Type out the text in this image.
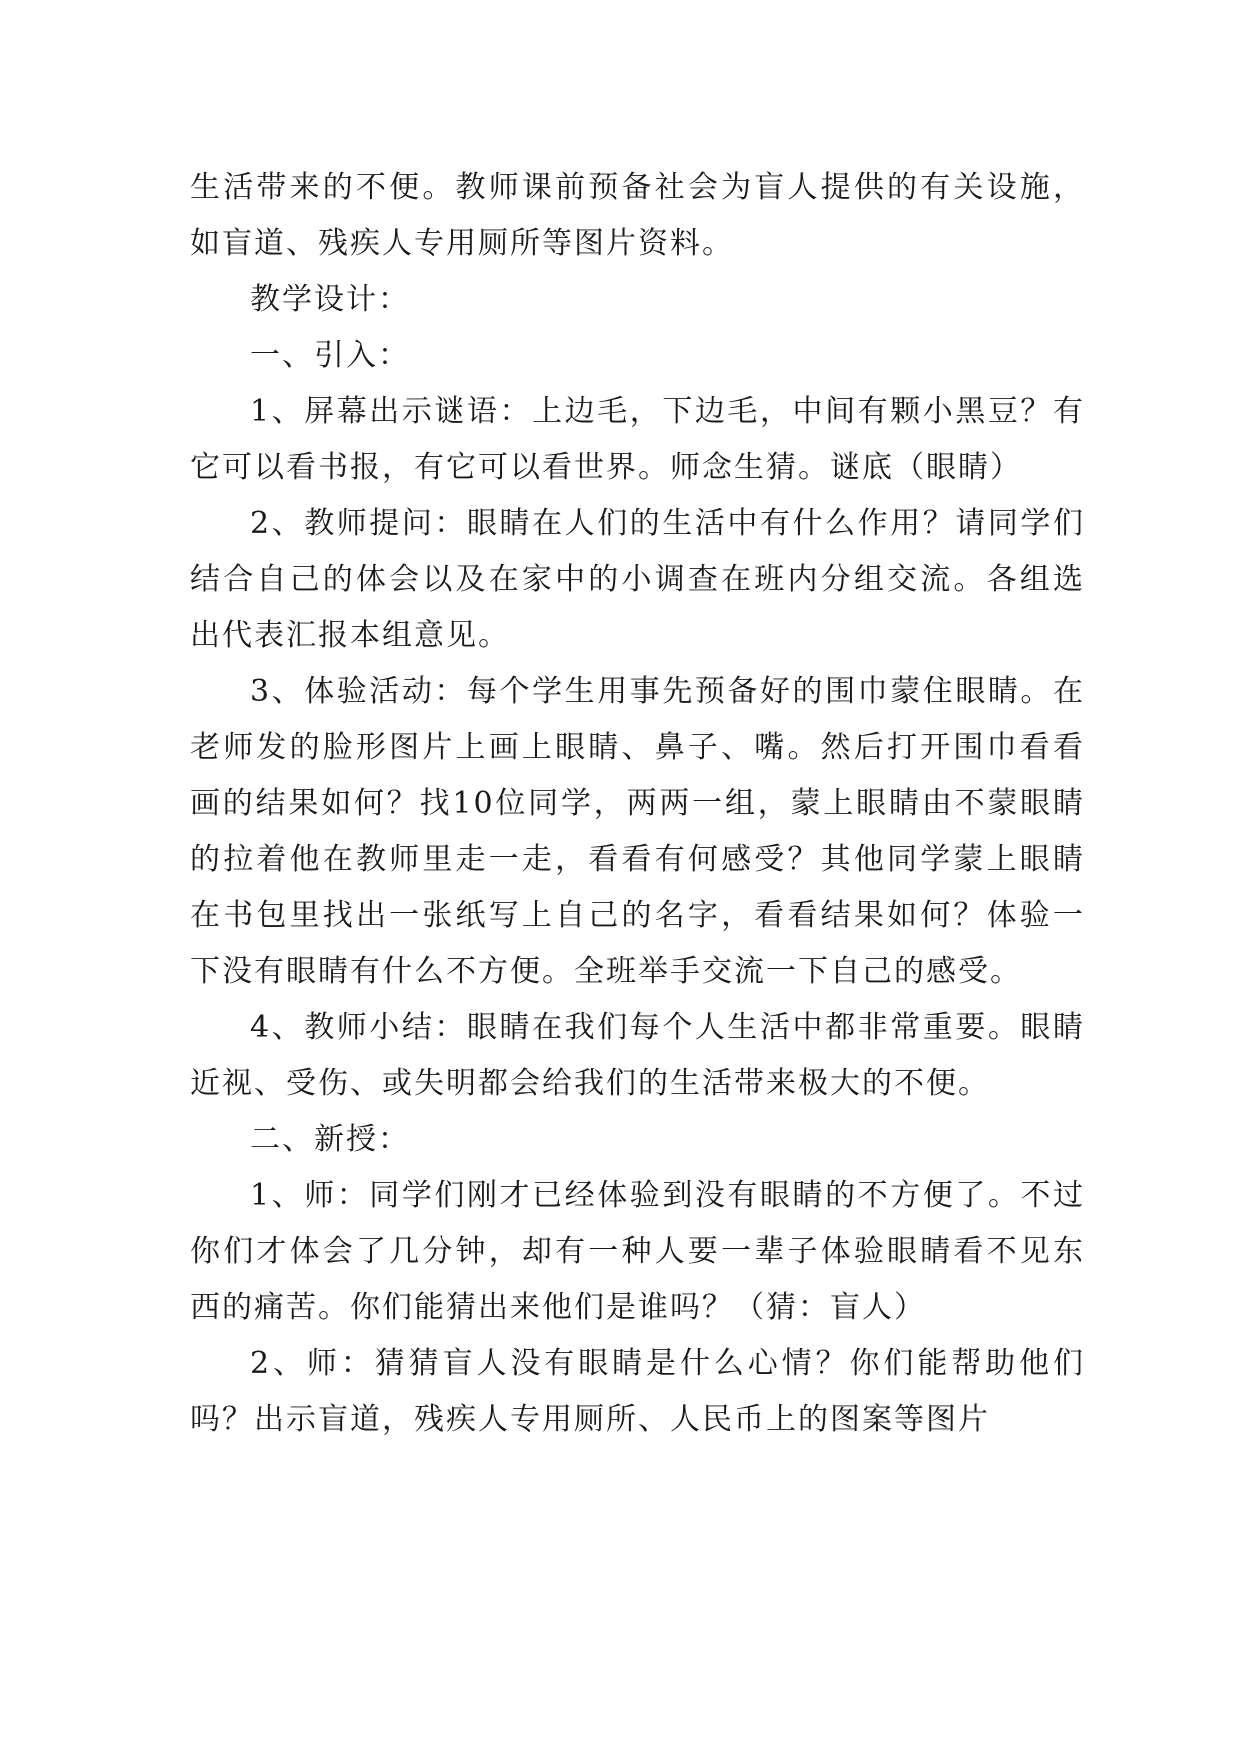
生活带来的不便。教师课前预备社会为盲人提供的有关设施，如盲道、残疾人专用厕所等图片资料。

教学设计：

一、引入：

1、屏幕出示谜语：上边毛，下边毛，中间有颗小黑豆？有它可以看书报，有它可以看世界。师念生猜。谜底（眼睛）

2、教师提问：眼睛在人们的生活中有什么作用？请同学们结合自己的体会以及在家中的小调查在班内分组交流。各组选出代表汇报本组意见。

3、体验活动：每个学生用事先预备好的围巾蒙住眼睛。在老师发的脸形图片上画上眼睛、鼻子、嘴。然后打开围巾看看画的结果如何？找10位同学，两两一组，蒙上眼睛由不蒙眼睛的拉着他在教师里走一走，看看有何感受？其他同学蒙上眼睛在书包里找出一张纸写上自己的名字，看看结果如何？体验一下没有眼睛有什么不方便。全班举手交流一下自己的感受。

4、教师小结：眼睛在我们每个人生活中都非常重要。眼睛近视、受伤、或失明都会给我们的生活带来极大的不便。

二、新授：

1、师：同学们刚才已经体验到没有眼睛的不方便了。不过你们才体会了几分钟，却有一种人要一辈子体验眼睛看不见东西的痛苦。你们能猜出来他们是谁吗？（猜：盲人）

2、师：猜猜盲人没有眼睛是什么心情？你们能帮助他们吗？出示盲道，残疾人专用厕所、人民币上的图案等图片
